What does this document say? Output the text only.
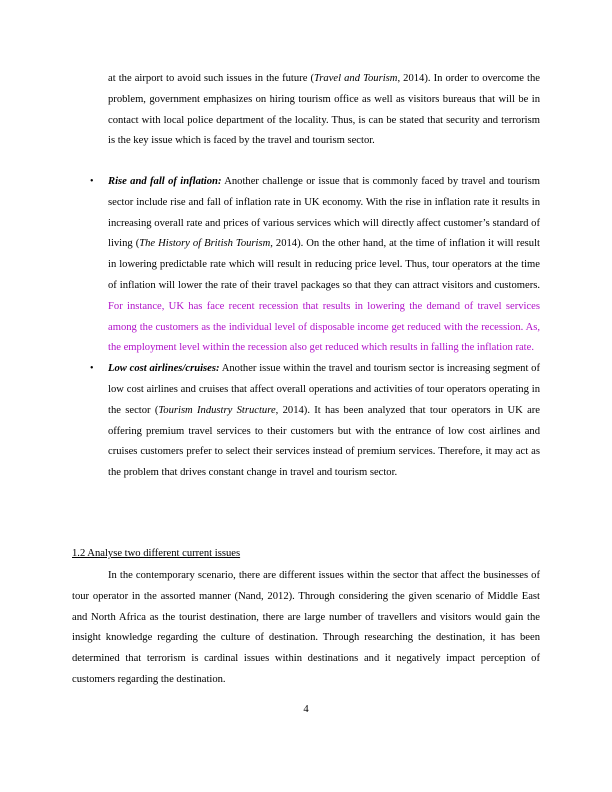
at the airport to avoid such issues in the future (Travel and Tourism, 2014). In order to overcome the problem, government emphasizes on hiring tourism office as well as visitors bureaus that will be in contact with local police department of the locality. Thus, is can be stated that security and terrorism is the key issue which is faced by the travel and tourism sector.

• Rise and fall of inflation: Another challenge or issue that is commonly faced by travel and tourism sector include rise and fall of inflation rate in UK economy. With the rise in inflation rate it results in increasing overall rate and prices of various services which will directly affect customer’s standard of living (The History of British Tourism, 2014). On the other hand, at the time of inflation it will result in lowering predictable rate which will result in reducing price level. Thus, tour operators at the time of inflation will lower the rate of their travel packages so that they can attract visitors and customers. For instance, UK has face recent recession that results in lowering the demand of travel services among the customers as the individual level of disposable income get reduced with the recession. As, the employment level within the recession also get reduced which results in falling the inflation rate.
• Low cost airlines/cruises: Another issue within the travel and tourism sector is increasing segment of low cost airlines and cruises that affect overall operations and activities of tour operators operating in the sector (Tourism Industry Structure, 2014). It has been analyzed that tour operators in UK are offering premium travel services to their customers but with the entrance of low cost airlines and cruises customers prefer to select their services instead of premium services. Therefore, it may act as the problem that drives constant change in travel and tourism sector.

1.2 Analyse two different current issues

In the contemporary scenario, there are different issues within the sector that affect the businesses of tour operator in the assorted manner (Nand, 2012). Through considering the given scenario of Middle East and North Africa as the tourist destination, there are large number of travellers and visitors would gain the insight knowledge regarding the culture of destination. Through researching the destination, it has been determined that terrorism is cardinal issues within destinations and it negatively impact perception of customers regarding the destination.

4
